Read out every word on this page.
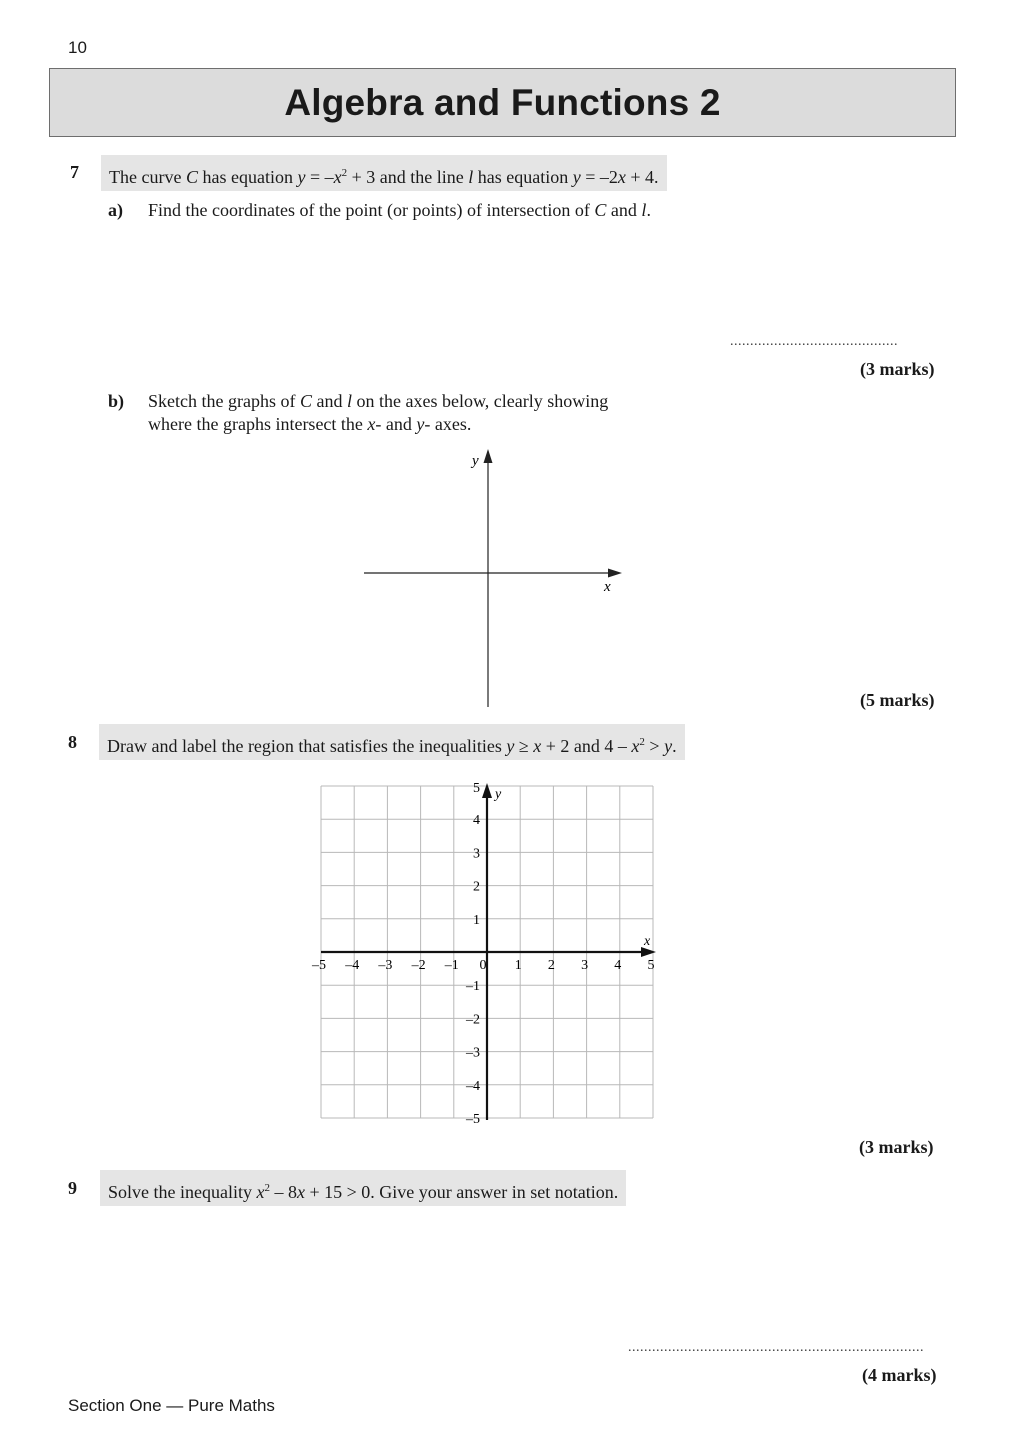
10
Algebra and Functions 2
7	The curve C has equation $y = -x^2 + 3$ and the line l has equation y = –2x + 4.
a) Find the coordinates of the point (or points) of intersection of C and l.
..........................................
(3 marks)
b) Sketch the graphs of C and l on the axes below, clearly showing
where the graphs intersect the x- and y- axes.
y
x
(5 marks)
8	Draw and label the region that satisfies the inequalities y ≥ x + 2 and $4 - x^2 > y$.
y
x
–5 –4 –3 –2 –1 0 1 2 3 4 5
5
4
3
2
1
–1
–2
–3
–4
–5
(3 marks)
9	Solve the inequality $x^2 - 8x + 15 > 0$. Give your answer in set notation.
..........................................................................
(4 marks)
Section One — Pure Maths
